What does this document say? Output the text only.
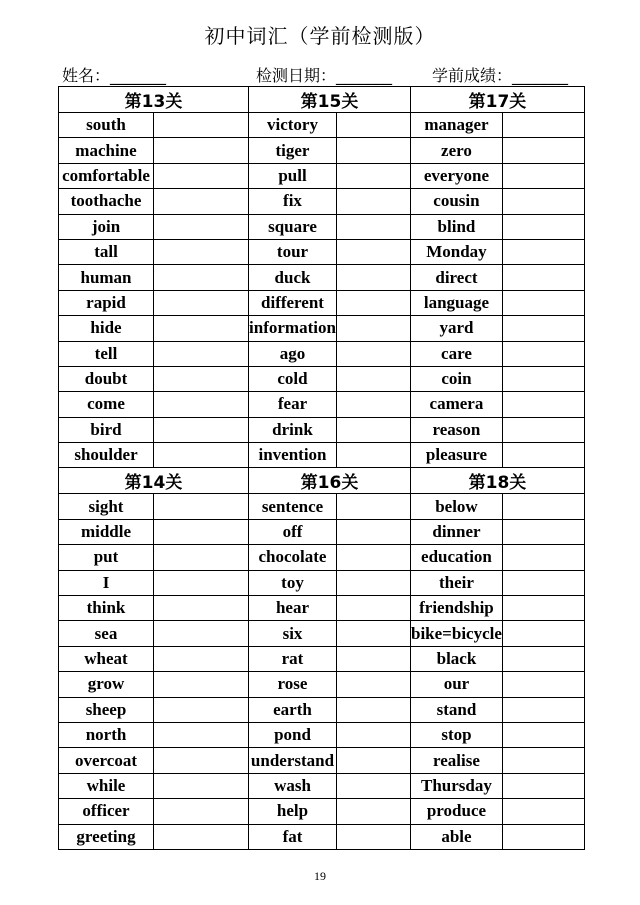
初中词汇（学前检测版）
姓名：_______	检测日期：_______ 学前成绩：_______
第13关		第15关		第17关	
south		victory		manager	
machine		tiger		zero	
comfortable		pull		everyone	
toothache		fix		cousin	
join		square		blind	
tall		tour		Monday	
human		duck		direct	
rapid		different		language	
hide		information		yard	
tell		ago		care	
doubt		cold		coin	
come		fear		camera	
bird		drink		reason	
shoulder		invention		pleasure	
第14关		第16关		第18关	
sight		sentence		below	
middle		off		dinner	
put		chocolate		education	
I		toy		their	
think		hear		friendship	
sea		six		bike=bicycle	
wheat		rat		black	
grow		rose		our	
sheep		earth		stand	
north		pond		stop	
overcoat		understand		realise	
while		wash		Thursday	
officer		help		produce	
greeting		fat		able	
19
